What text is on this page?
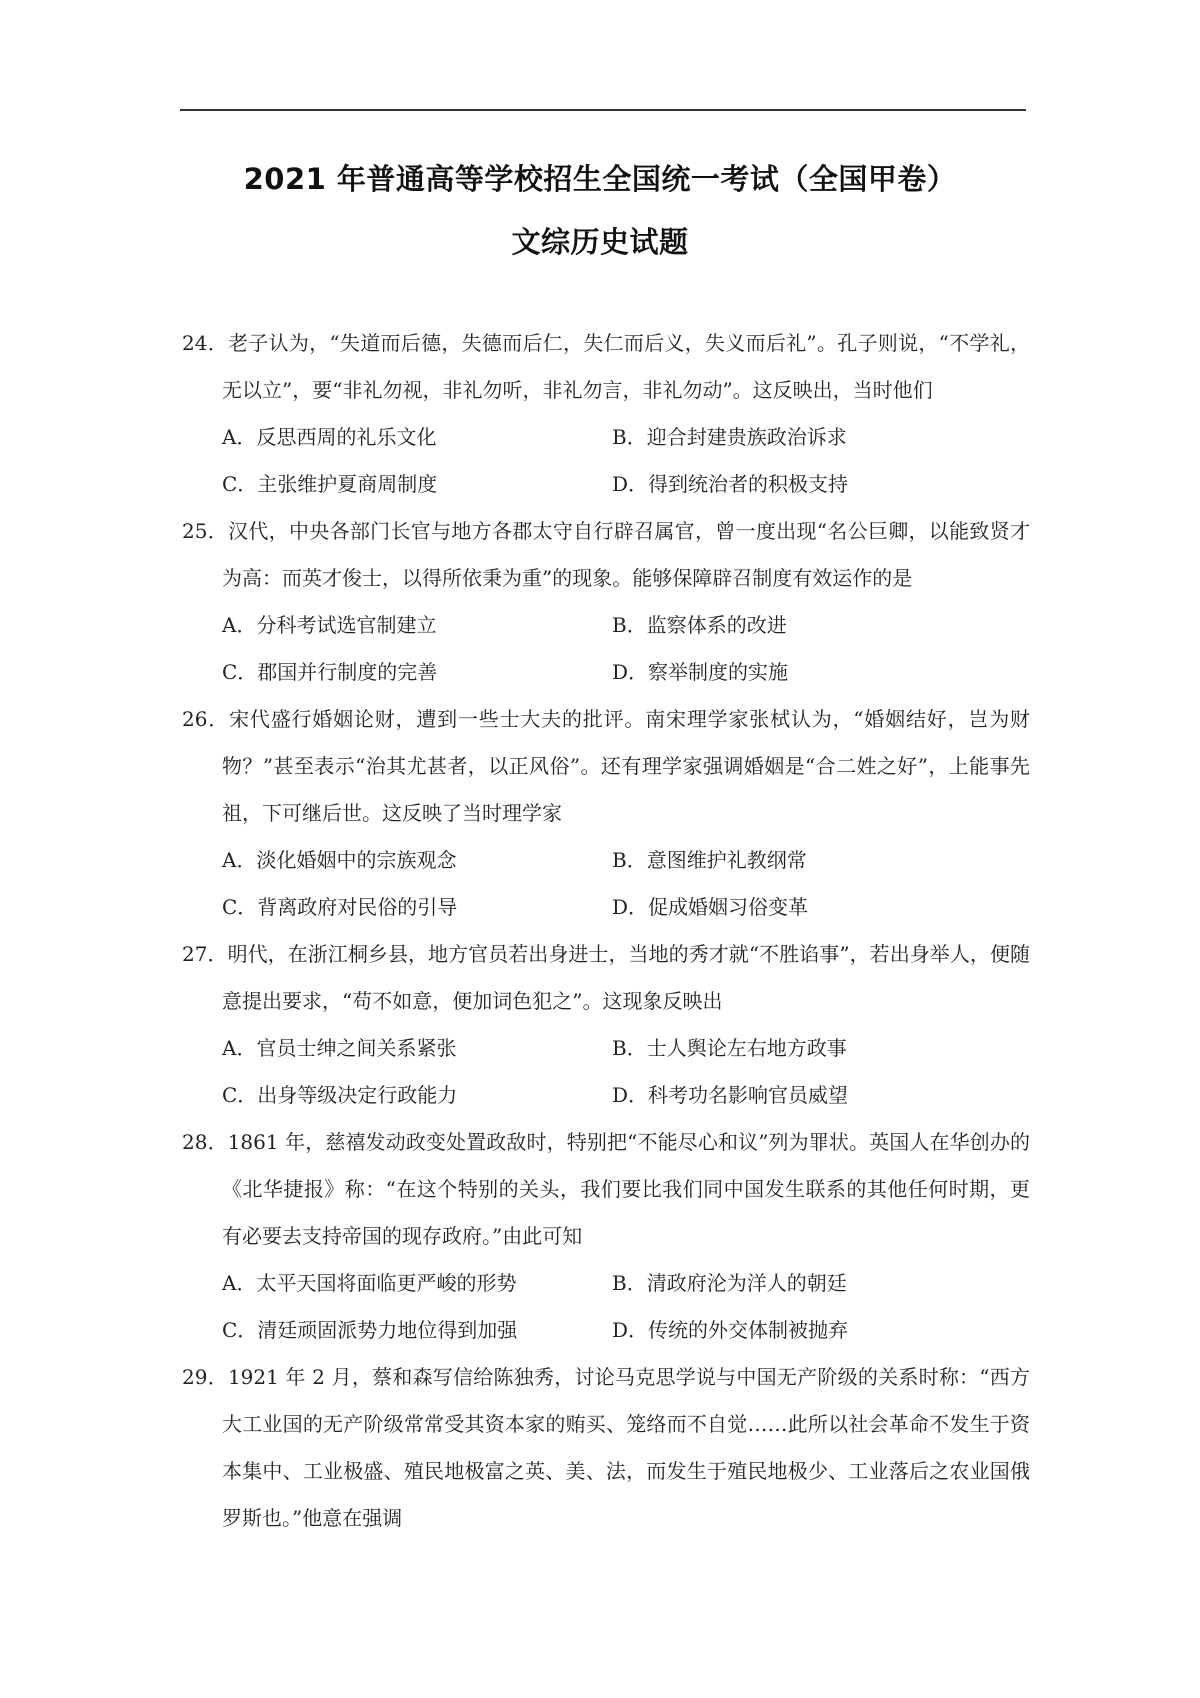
2021 年普通高等学校招生全国统一考试（全国甲卷）
文综历史试题

24．老子认为，“失道而后德，失德而后仁，失仁而后义，失义而后礼”。孔子则说，“不学礼，无以立”，要“非礼勿视，非礼勿听，非礼勿言，非礼勿动”。这反映出，当时他们

A．反思西周的礼乐文化	B．迎合封建贵族政治诉求
C．主张维护夏商周制度	D．得到统治者的积极支持

25．汉代，中央各部门长官与地方各郡太守自行辟召属官，曾一度出现“名公巨卿，以能致贤才为高：而英才俊士，以得所依秉为重”的现象。能够保障辟召制度有效运作的是

A．分科考试选官制建立	B．监察体系的改进
C．郡国并行制度的完善	D．察举制度的实施

26．宋代盛行婚姻论财，遭到一些士大夫的批评。南宋理学家张栻认为，“婚姻结好，岂为财物？”甚至表示“治其尤甚者，以正风俗”。还有理学家强调婚姻是“合二姓之好”，上能事先祖，下可继后世。这反映了当时理学家

A．淡化婚姻中的宗族观念	B．意图维护礼教纲常
C．背离政府对民俗的引导	D．促成婚姻习俗变革

27．明代，在浙江桐乡县，地方官员若出身进士，当地的秀才就“不胜谄事”，若出身举人，便随意提出要求，“苟不如意，便加词色犯之”。这现象反映出

A．官员士绅之间关系紧张	B．士人舆论左右地方政事
C．出身等级决定行政能力	D．科考功名影响官员威望

28．1861 年，慈禧发动政变处置政敌时，特别把“不能尽心和议”列为罪状。英国人在华创办的《北华捷报》称：“在这个特别的关头，我们要比我们同中国发生联系的其他任何时期，更有必要去支持帝国的现存政府。”由此可知

A．太平天国将面临更严峻的形势	B．清政府沦为洋人的朝廷
C．清廷顽固派势力地位得到加强	D．传统的外交体制被抛弃

29．1921 年 2 月，蔡和森写信给陈独秀，讨论马克思学说与中国无产阶级的关系时称：“西方大工业国的无产阶级常常受其资本家的贿买、笼络而不自觉……此所以社会革命不发生于资本集中、工业极盛、殖民地极富之英、美、法，而发生于殖民地极少、工业落后之农业国俄罗斯也。”他意在强调
